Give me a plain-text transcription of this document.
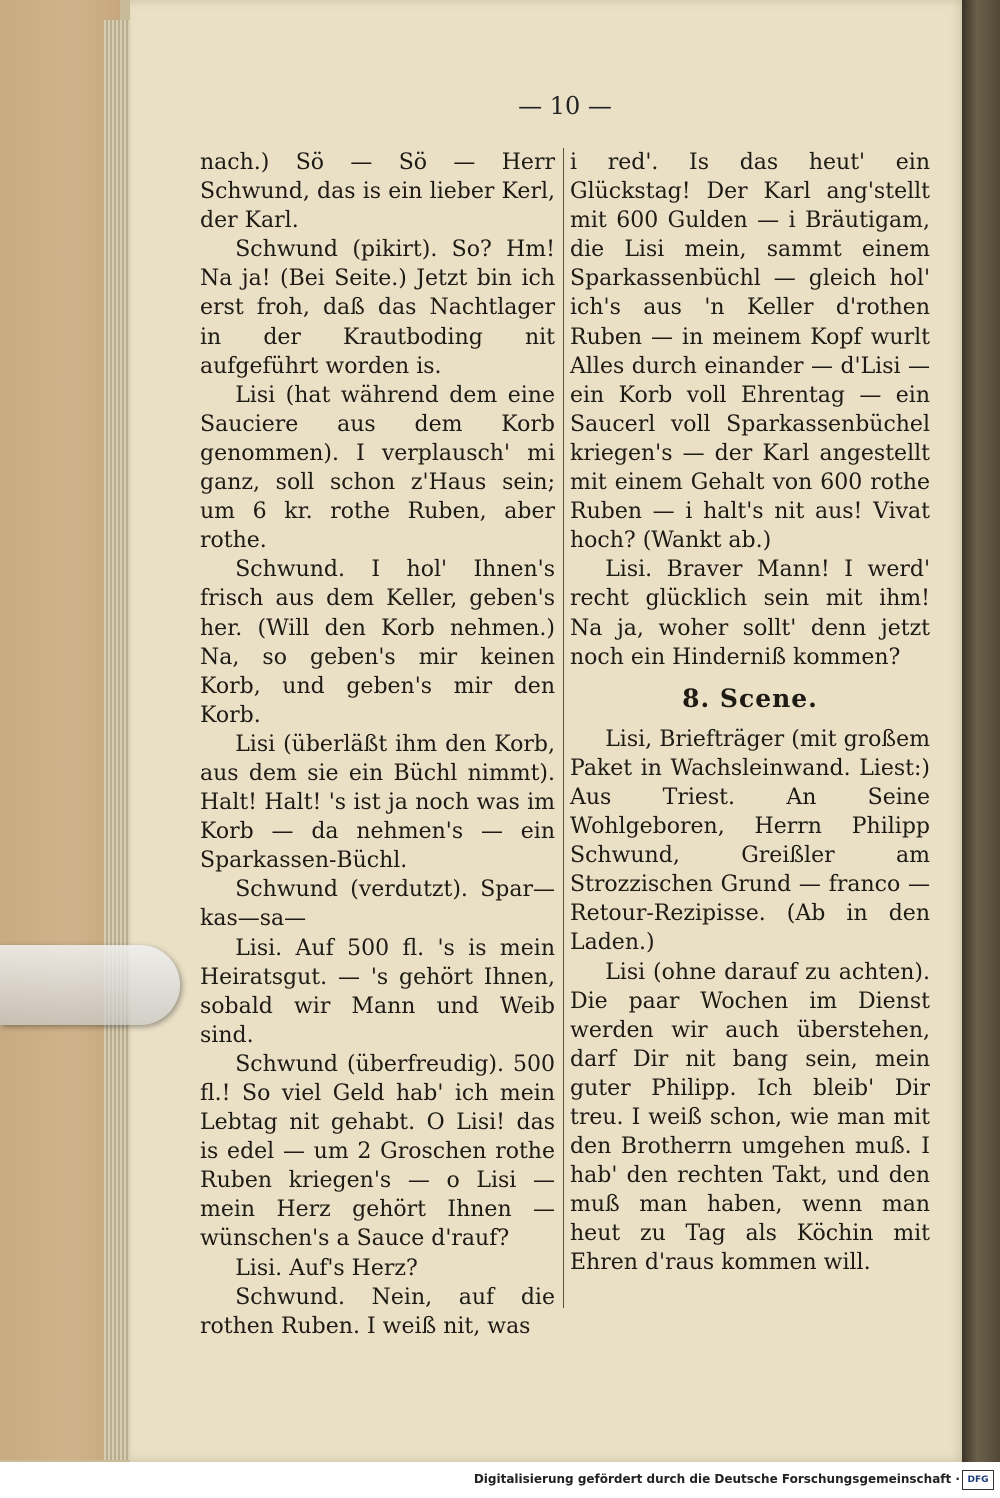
— 10 —

nach.) Sö — Sö — Herr Schwund, das is ein lieber Kerl, der Karl.

Schwund (pikirt). So? Hm! Na ja! (Bei Seite.) Jetzt bin ich erst froh, daß das Nachtlager in der Krautboding nit aufgeführt worden is.

Lisi (hat während dem eine Sauciere aus dem Korb genommen). I verplausch' mi ganz, soll schon z'Haus sein; um 6 kr. rothe Ruben, aber rothe.

Schwund. I hol' Ihnen's frisch aus dem Keller, geben's her. (Will den Korb nehmen.) Na, so geben's mir keinen Korb, und geben's mir den Korb.

Lisi (überläßt ihm den Korb, aus dem sie ein Büchl nimmt). Halt! Halt! 's ist ja noch was im Korb — da nehmen's — ein Sparkassen-Büchl.

Schwund (verdutzt). Spar— kas—sa—

Lisi. Auf 500 fl. 's is mein Heiratsgut. — 's gehört Ihnen, sobald wir Mann und Weib sind.

Schwund (überfreudig). 500 fl.! So viel Geld hab' ich mein Lebtag nit gehabt. O Lisi! das is edel — um 2 Groschen rothe Ruben kriegen's — o Lisi — mein Herz gehört Ihnen — wünschen's a Sauce d'rauf?

Lisi. Auf's Herz?

Schwund. Nein, auf die rothen Ruben. I weiß nit, was

i red'. Is das heut' ein Glückstag! Der Karl ang'stellt mit 600 Gulden — i Bräutigam, die Lisi mein, sammt einem Sparkassenbüchl — gleich hol' ich's aus 'n Keller d'rothen Ruben — in meinem Kopf wurlt Alles durch einander — d'Lisi — ein Korb voll Ehrentag — ein Saucerl voll Sparkassenbüchel kriegen's — der Karl angestellt mit einem Gehalt von 600 rothe Ruben — i halt's nit aus! Vivat hoch? (Wankt ab.)

Lisi. Braver Mann! I werd' recht glücklich sein mit ihm! Na ja, woher sollt' denn jetzt noch ein Hinderniß kommen?

8. Scene.

Lisi, Briefträger (mit großem Paket in Wachsleinwand. Liest:) Aus Triest. An Seine Wohlgeboren, Herrn Philipp Schwund, Greißler am Strozzischen Grund — franco — Retour-Rezipisse. (Ab in den Laden.)

Lisi (ohne darauf zu achten). Die paar Wochen im Dienst werden wir auch überstehen, darf Dir nit bang sein, mein guter Philipp. Ich bleib' Dir treu. I weiß schon, wie man mit den Brotherrn umgehen muß. I hab' den rechten Takt, und den muß man haben, wenn man heut zu Tag als Köchin mit Ehren d'raus kommen will.

Digitalisierung gefördert durch die Deutsche Forschungsgemeinschaft · DFG
